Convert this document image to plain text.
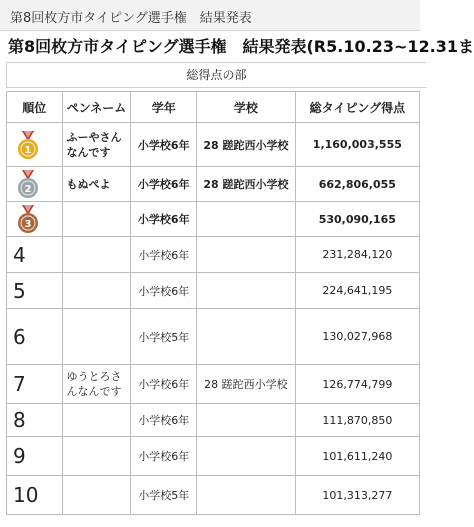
第8回枚方市タイピング選手権　結果発表
第8回枚方市タイピング選手権　結果発表(R5.10.23~12.31ま
総得点の部
順位	ペンネーム	学年	学校	総タイピング得点

1	ふーやさんなんです	小学校6年	28 蹉跎西小学校	1,160,003,555

2	もぬぺよ	小学校6年	28 蹉跎西小学校	662,806,055

3		小学校6年		530,090,165
4		小学校6年		231,284,120
5		小学校6年		224,641,195
6		小学校5年		130,027,968
7	ゆうとろさんなんです	小学校6年	28 蹉跎西小学校	126,774,799
8		小学校6年		111,870,850
9		小学校6年		101,611,240
10		小学校5年		101,313,277
